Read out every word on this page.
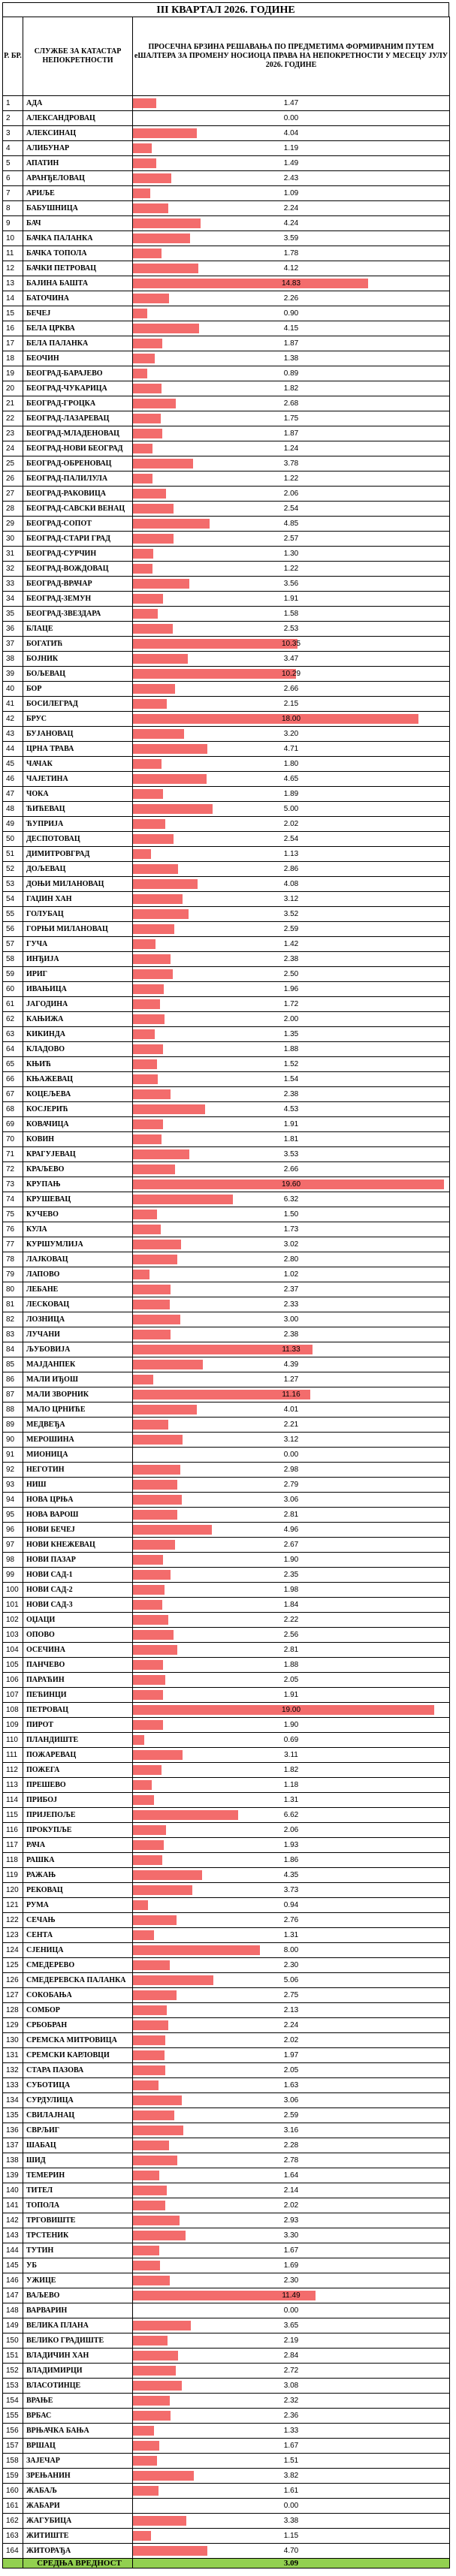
III КВАРТАЛ 2026. ГОДИНЕ
Р. БР.	СЛУЖБЕ ЗА КАТАСТАР НЕПОКРЕТНОСТИ	ПРОСЕЧНА БРЗИНА РЕШАВАЊА ПО ПРЕДМЕТИМА ФОРМИРАНИМ ПУТЕМ еШАЛТЕРА ЗА ПРОМЕНУ НОСИОЦА ПРАВА НА НЕПОКРЕТНОСТИ У МЕСЕЦУ ЈУЛУ 2026. ГОДИНЕ
1	АДА	1.47
2	АЛЕКСАНДРОВАЦ	0.00
3	АЛЕКСИНАЦ	4.04
4	АЛИБУНАР	1.19
5	АПАТИН	1.49
6	АРАНЂЕЛОВАЦ	2.43
7	АРИЉЕ	1.09
8	БАБУШНИЦА	2.24
9	БАЧ	4.24
10	БАЧКА ПАЛАНКА	3.59
11	БАЧКА ТОПОЛА	1.78
12	БАЧКИ ПЕТРОВАЦ	4.12
13	БАЈИНА БАШТА	14.83
14	БАТОЧИНА	2.26
15	БЕЧЕЈ	0.90
16	БЕЛА ЦРКВА	4.15
17	БЕЛА ПАЛАНКА	1.87
18	БЕОЧИН	1.38
19	БЕОГРАД-БАРАЈЕВО	0.89
20	БЕОГРАД-ЧУКАРИЦА	1.82
21	БЕОГРАД-ГРОЦКА	2.68
22	БЕОГРАД-ЛАЗАРЕВАЦ	1.75
23	БЕОГРАД-МЛАДЕНОВАЦ	1.87
24	БЕОГРАД-НОВИ БЕОГРАД	1.24
25	БЕОГРАД-ОБРЕНОВАЦ	3.78
26	БЕОГРАД-ПАЛИЛУЛА	1.22
27	БЕОГРАД-РАКОВИЦА	2.06
28	БЕОГРАД-САВСКИ ВЕНАЦ	2.54
29	БЕОГРАД-СОПОТ	4.85
30	БЕОГРАД-СТАРИ ГРАД	2.57
31	БЕОГРАД-СУРЧИН	1.30
32	БЕОГРАД-ВОЖДОВАЦ	1.22
33	БЕОГРАД-ВРАЧАР	3.56
34	БЕОГРАД-ЗЕМУН	1.91
35	БЕОГРАД-ЗВЕЗДАРА	1.58
36	БЛАЦЕ	2.53
37	БОГАТИЋ	10.35
38	БОЈНИК	3.47
39	БОЉЕВАЦ	10.29
40	БОР	2.66
41	БОСИЛЕГРАД	2.15
42	БРУС	18.00
43	БУЈАНОВАЦ	3.20
44	ЦРНА ТРАВА	4.71
45	ЧАЧАК	1.80
46	ЧАЈЕТИНА	4.65
47	ЧОКА	1.89
48	ЋИЋЕВАЦ	5.00
49	ЋУПРИЈА	2.02
50	ДЕСПОТОВАЦ	2.54
51	ДИМИТРОВГРАД	1.13
52	ДОЉЕВАЦ	2.86
53	ДОЊИ МИЛАНОВАЦ	4.08
54	ГАЏИН ХАН	3.12
55	ГОЛУБАЦ	3.52
56	ГОРЊИ МИЛАНОВАЦ	2.59
57	ГУЧА	1.42
58	ИНЂИЈА	2.38
59	ИРИГ	2.50
60	ИВАЊИЦА	1.96
61	ЈАГОДИНА	1.72
62	КАЊИЖА	2.00
63	КИКИНДА	1.35
64	КЛАДОВО	1.88
65	КЊИЋ	1.52
66	КЊАЖЕВАЦ	1.54
67	КОЦЕЉЕВА	2.38
68	КОСЈЕРИЋ	4.53
69	КОВАЧИЦА	1.91
70	КОВИН	1.81
71	КРАГУЈЕВАЦ	3.53
72	КРАЉЕВО	2.66
73	КРУПАЊ	19.60
74	КРУШЕВАЦ	6.32
75	КУЧЕВО	1.50
76	КУЛА	1.73
77	КУРШУМЛИЈА	3.02
78	ЛАЈКОВАЦ	2.80
79	ЛАПОВО	1.02
80	ЛЕБАНЕ	2.37
81	ЛЕСКОВАЦ	2.33
82	ЛОЗНИЦА	3.00
83	ЛУЧАНИ	2.38
84	ЉУБОВИЈА	11.33
85	МАЈДАНПЕК	4.39
86	МАЛИ ИЂОШ	1.27
87	МАЛИ ЗВОРНИК	11.16
88	МАЛО ЦРНИЋЕ	4.01
89	МЕДВЕЂА	2.21
90	МЕРОШИНА	3.12
91	МИОНИЦА	0.00
92	НЕГОТИН	2.98
93	НИШ	2.79
94	НОВА ЦРЊА	3.06
95	НОВА ВАРОШ	2.81
96	НОВИ БЕЧЕЈ	4.96
97	НОВИ КНЕЖЕВАЦ	2.67
98	НОВИ ПАЗАР	1.90
99	НОВИ САД-1	2.35
100	НОВИ САД-2	1.98
101	НОВИ САД-3	1.84
102	ОЏАЦИ	2.22
103	ОПОВО	2.56
104	ОСЕЧИНА	2.81
105	ПАНЧЕВО	1.88
106	ПАРАЋИН	2.05
107	ПЕЋИНЦИ	1.91
108	ПЕТРОВАЦ	19.00
109	ПИРОТ	1.90
110	ПЛАНДИШТЕ	0.69
111	ПОЖАРЕВАЦ	3.11
112	ПОЖЕГА	1.82
113	ПРЕШЕВО	1.18
114	ПРИБОЈ	1.31
115	ПРИЈЕПОЉЕ	6.62
116	ПРОКУПЉЕ	2.06
117	РАЧА	1.93
118	РАШКА	1.86
119	РАЖАЊ	4.35
120	РЕКОВАЦ	3.73
121	РУМА	0.94
122	СЕЧАЊ	2.76
123	СЕНТА	1.31
124	СЈЕНИЦА	8.00
125	СМЕДЕРЕВО	2.30
126	СМЕДЕРЕВСКА ПАЛАНКА	5.06
127	СОКОБАЊА	2.75
128	СОМБОР	2.13
129	СРБОБРАН	2.24
130	СРЕМСКА МИТРОВИЦА	2.02
131	СРЕМСКИ КАРЛОВЦИ	1.97
132	СТАРА ПАЗОВА	2.05
133	СУБОТИЦА	1.63
134	СУРДУЛИЦА	3.06
135	СВИЛАЈНАЦ	2.59
136	СВРЉИГ	3.16
137	ШАБАЦ	2.28
138	ШИД	2.78
139	ТЕМЕРИН	1.64
140	ТИТЕЛ	2.14
141	ТОПОЛА	2.02
142	ТРГОВИШТЕ	2.93
143	ТРСТЕНИК	3.30
144	ТУТИН	1.67
145	УБ	1.69
146	УЖИЦЕ	2.30
147	ВАЉЕВО	11.49
148	ВАРВАРИН	0.00
149	ВЕЛИКА ПЛАНА	3.65
150	ВЕЛИКО ГРАДИШТЕ	2.19
151	ВЛАДИЧИН ХАН	2.84
152	ВЛАДИМИРЦИ	2.72
153	ВЛАСОТИНЦЕ	3.08
154	ВРАЊЕ	2.32
155	ВРБАС	2.36
156	ВРЊАЧКА БАЊА	1.33
157	ВРШАЦ	1.67
158	ЗАЈЕЧАР	1.51
159	ЗРЕЊАНИН	3.82
160	ЖАБАЉ	1.61
161	ЖАБАРИ	0.00
162	ЖАГУБИЦА	3.38
163	ЖИТИШТЕ	1.15
164	ЖИТОРАЂА	4.70
	СРЕДЊА ВРЕДНОСТ	3.09
